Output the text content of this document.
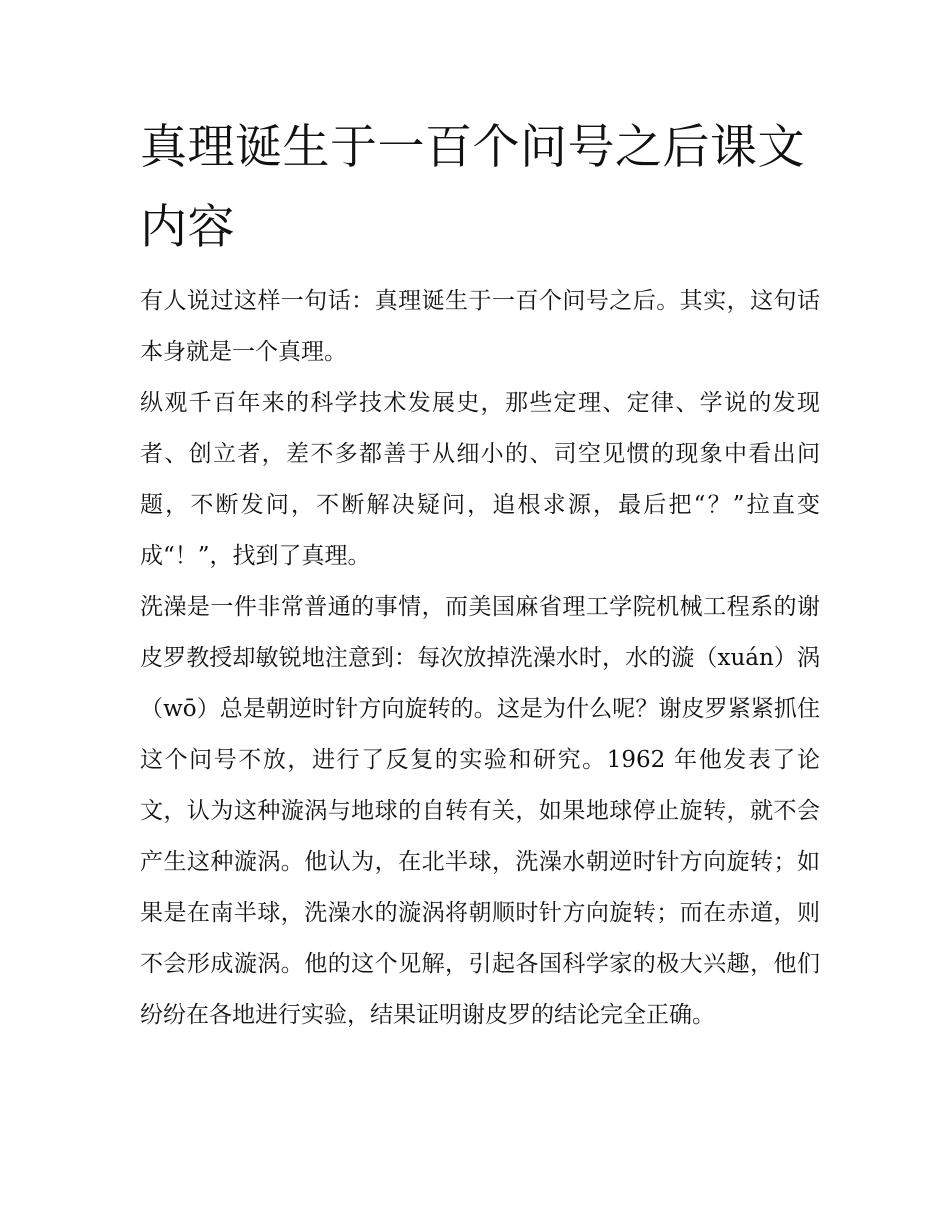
真理诞生于一百个问号之后课文内容

有人说过这样一句话：真理诞生于一百个问号之后。其实，这句话本身就是一个真理。

纵观千百年来的科学技术发展史，那些定理、定律、学说的发现者、创立者，差不多都善于从细小的、司空见惯的现象中看出问题，不断发问，不断解决疑问，追根求源，最后把“？”拉直变成“！”，找到了真理。

洗澡是一件非常普通的事情，而美国麻省理工学院机械工程系的谢皮罗教授却敏锐地注意到：每次放掉洗澡水时，水的漩（xuán）涡（wō）总是朝逆时针方向旋转的。这是为什么呢？谢皮罗紧紧抓住这个问号不放，进行了反复的实验和研究。1962 年他发表了论文，认为这种漩涡与地球的自转有关，如果地球停止旋转，就不会产生这种漩涡。他认为，在北半球，洗澡水朝逆时针方向旋转；如果是在南半球，洗澡水的漩涡将朝顺时针方向旋转；而在赤道，则不会形成漩涡。他的这个见解，引起各国科学家的极大兴趣，他们纷纷在各地进行实验，结果证明谢皮罗的结论完全正确。
